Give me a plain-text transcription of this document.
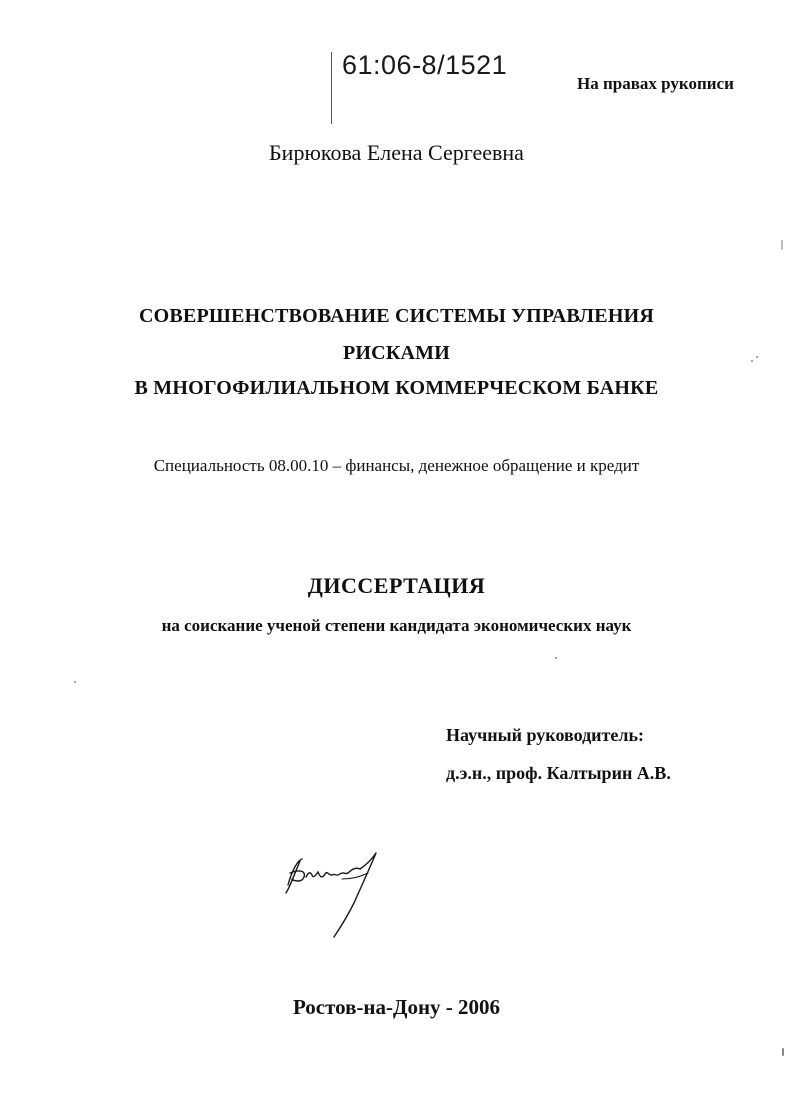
61:06-8/1521
На правах рукописи
Бирюкова Елена Сергеевна
СОВЕРШЕНСТВОВАНИЕ СИСТЕМЫ УПРАВЛЕНИЯ
РИСКАМИ
В МНОГОФИЛИАЛЬНОМ КОММЕРЧЕСКОМ БАНКЕ
Специальность 08.00.10 – финансы, денежное обращение и кредит
ДИССЕРТАЦИЯ
на соискание ученой степени кандидата экономических наук
Научный руководитель:
д.э.н., проф. Калтырин А.В.
Ростов-на-Дону - 2006
